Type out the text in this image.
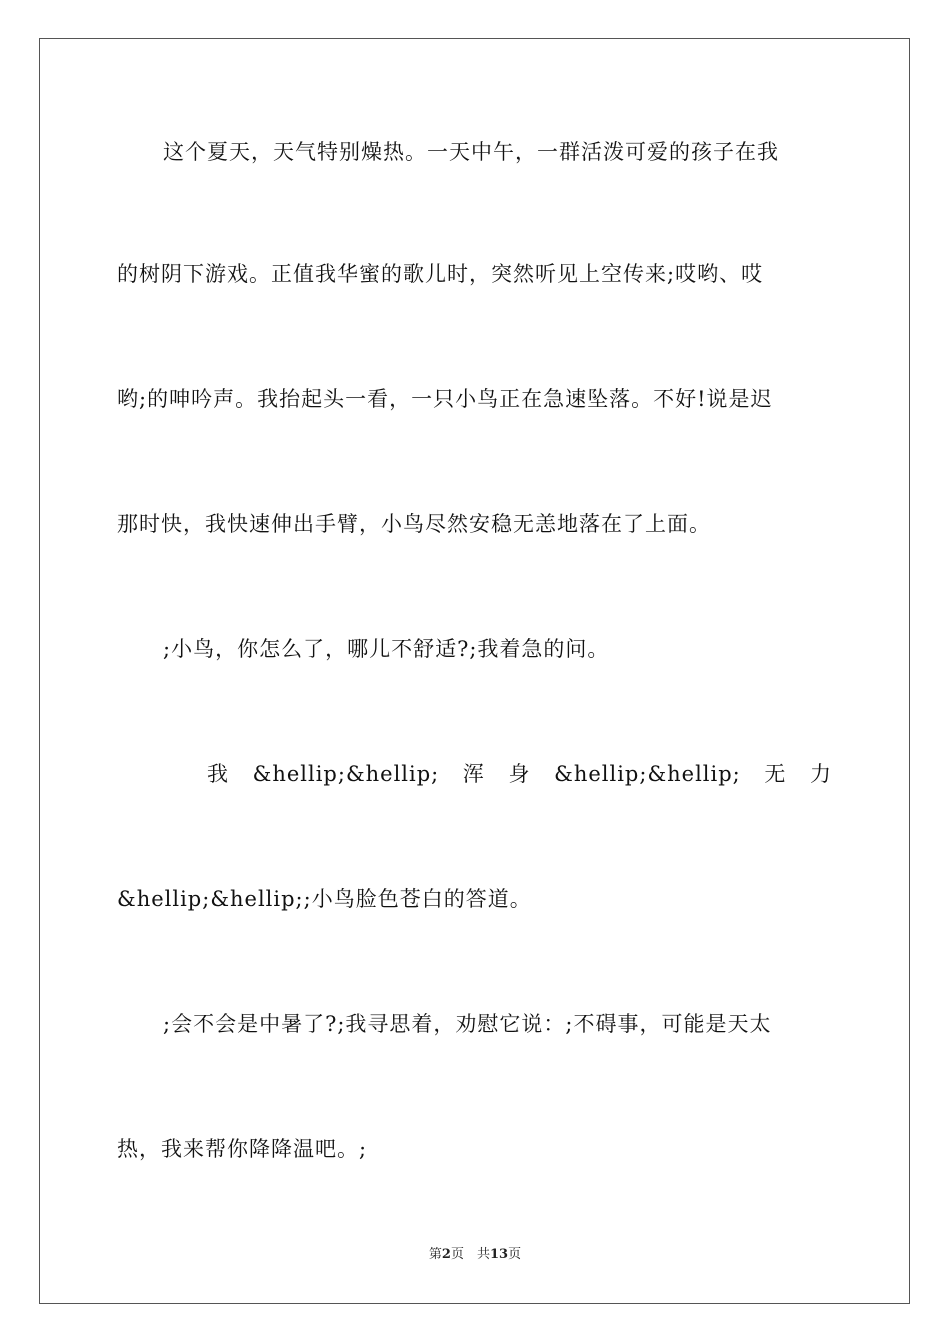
这个夏天，天气特别燥热。一天中午，一群活泼可爱的孩子在我
的树阴下游戏。正值我华蜜的歌儿时，突然听见上空传来;哎哟、哎
哟;的呻吟声。我抬起头一看，一只小鸟正在急速坠落。不好!说是迟
那时快，我快速伸出手臂，小鸟尽然安稳无恙地落在了上面。
;小鸟，你怎么了，哪儿不舒适?;我着急的问。
我 &hellip;&hellip; 浑 身 &hellip;&hellip; 无 力
&hellip;&hellip;;小鸟脸色苍白的答道。
;会不会是中暑了?;我寻思着，劝慰它说：;不碍事，可能是天太
热，我来帮你降降温吧。;
第2页　共13页
